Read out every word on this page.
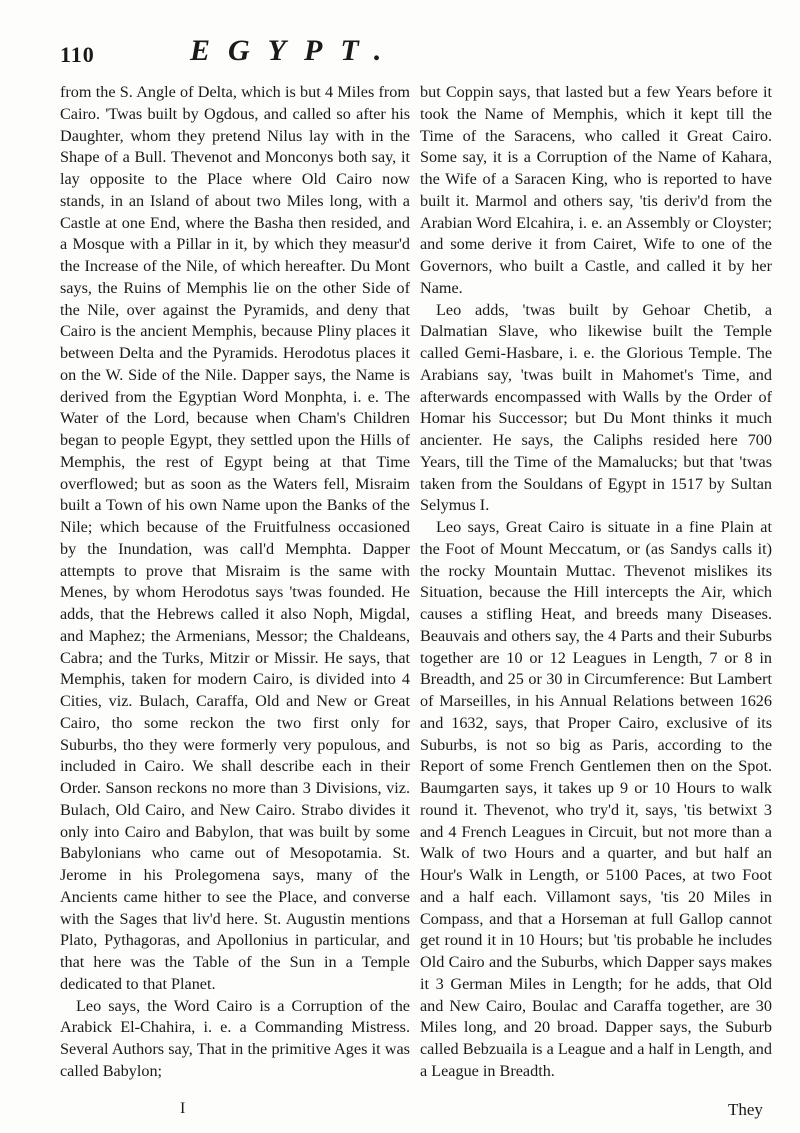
110	EGYPT.

from the S. Angle of Delta, which is but 4 Miles from Cairo. 'Twas built by Ogdous, and called so after his Daughter, whom they pretend Nilus lay with in the Shape of a Bull. Thevenot and Monconys both say, it lay opposite to the Place where Old Cairo now stands, in an Island of about two Miles long, with a Castle at one End, where the Basha then resided, and a Mosque with a Pillar in it, by which they measur'd the Increase of the Nile, of which hereafter. Du Mont says, the Ruins of Memphis lie on the other Side of the Nile, over against the Pyramids, and deny that Cairo is the ancient Memphis, because Pliny places it between Delta and the Pyramids. Herodotus places it on the W. Side of the Nile. Dapper says, the Name is derived from the Egyptian Word Monphta, i. e. The Water of the Lord, because when Cham's Children began to people Egypt, they settled upon the Hills of Memphis, the rest of Egypt being at that Time overflowed; but as soon as the Waters fell, Misraim built a Town of his own Name upon the Banks of the Nile; which because of the Fruitfulness occasioned by the Inundation, was call'd Memphta. Dapper attempts to prove that Misraim is the same with Menes, by whom Herodotus says 'twas founded. He adds, that the Hebrews called it also Noph, Migdal, and Maphez; the Armenians, Messor; the Chaldeans, Cabra; and the Turks, Mitzir or Missir. He says, that Memphis, taken for modern Cairo, is divided into 4 Cities, viz. Bulach, Caraffa, Old and New or Great Cairo, tho some reckon the two first only for Suburbs, tho they were formerly very populous, and included in Cairo. We shall describe each in their Order. Sanson reckons no more than 3 Divisions, viz. Bulach, Old Cairo, and New Cairo. Strabo divides it only into Cairo and Babylon, that was built by some Babylonians who came out of Mesopotamia. St. Jerome in his Prolegomena says, many of the Ancients came hither to see the Place, and converse with the Sages that liv'd here. St. Augustin mentions Plato, Pythagoras, and Apollonius in particular, and that here was the Table of the Sun in a Temple dedicated to that Planet.

Leo says, the Word Cairo is a Corruption of the Arabick El-Chahira, i. e. a Commanding Mistress. Several Authors say, That in the primitive Ages it was called Babylon;

but Coppin says, that lasted but a few Years before it took the Name of Memphis, which it kept till the Time of the Saracens, who called it Great Cairo. Some say, it is a Corruption of the Name of Kahara, the Wife of a Saracen King, who is reported to have built it. Marmol and others say, 'tis deriv'd from the Arabian Word Elcahira, i. e. an Assembly or Cloyster; and some derive it from Cairet, Wife to one of the Governors, who built a Castle, and called it by her Name.

Leo adds, 'twas built by Gehoar Chetib, a Dalmatian Slave, who likewise built the Temple called Gemi-Hasbare, i. e. the Glorious Temple. The Arabians say, 'twas built in Mahomet's Time, and afterwards encompassed with Walls by the Order of Homar his Successor; but Du Mont thinks it much ancienter. He says, the Caliphs resided here 700 Years, till the Time of the Mamalucks; but that 'twas taken from the Souldans of Egypt in 1517 by Sultan Selymus I.

Leo says, Great Cairo is situate in a fine Plain at the Foot of Mount Meccatum, or (as Sandys calls it) the rocky Mountain Muttac. Thevenot mislikes its Situation, because the Hill intercepts the Air, which causes a stifling Heat, and breeds many Diseases. Beauvais and others say, the 4 Parts and their Suburbs together are 10 or 12 Leagues in Length, 7 or 8 in Breadth, and 25 or 30 in Circumference: But Lambert of Marseilles, in his Annual Relations between 1626 and 1632, says, that Proper Cairo, exclusive of its Suburbs, is not so big as Paris, according to the Report of some French Gentlemen then on the Spot. Baumgarten says, it takes up 9 or 10 Hours to walk round it. Thevenot, who try'd it, says, 'tis betwixt 3 and 4 French Leagues in Circuit, but not more than a Walk of two Hours and a quarter, and but half an Hour's Walk in Length, or 5100 Paces, at two Foot and a half each. Villamont says, 'tis 20 Miles in Compass, and that a Horseman at full Gallop cannot get round it in 10 Hours; but 'tis probable he includes Old Cairo and the Suburbs, which Dapper says makes it 3 German Miles in Length; for he adds, that Old and New Cairo, Boulac and Caraffa together, are 30 Miles long, and 20 broad. Dapper says, the Suburb called Bebzuaila is a League and a half in Length, and a League in Breadth.

I	They
